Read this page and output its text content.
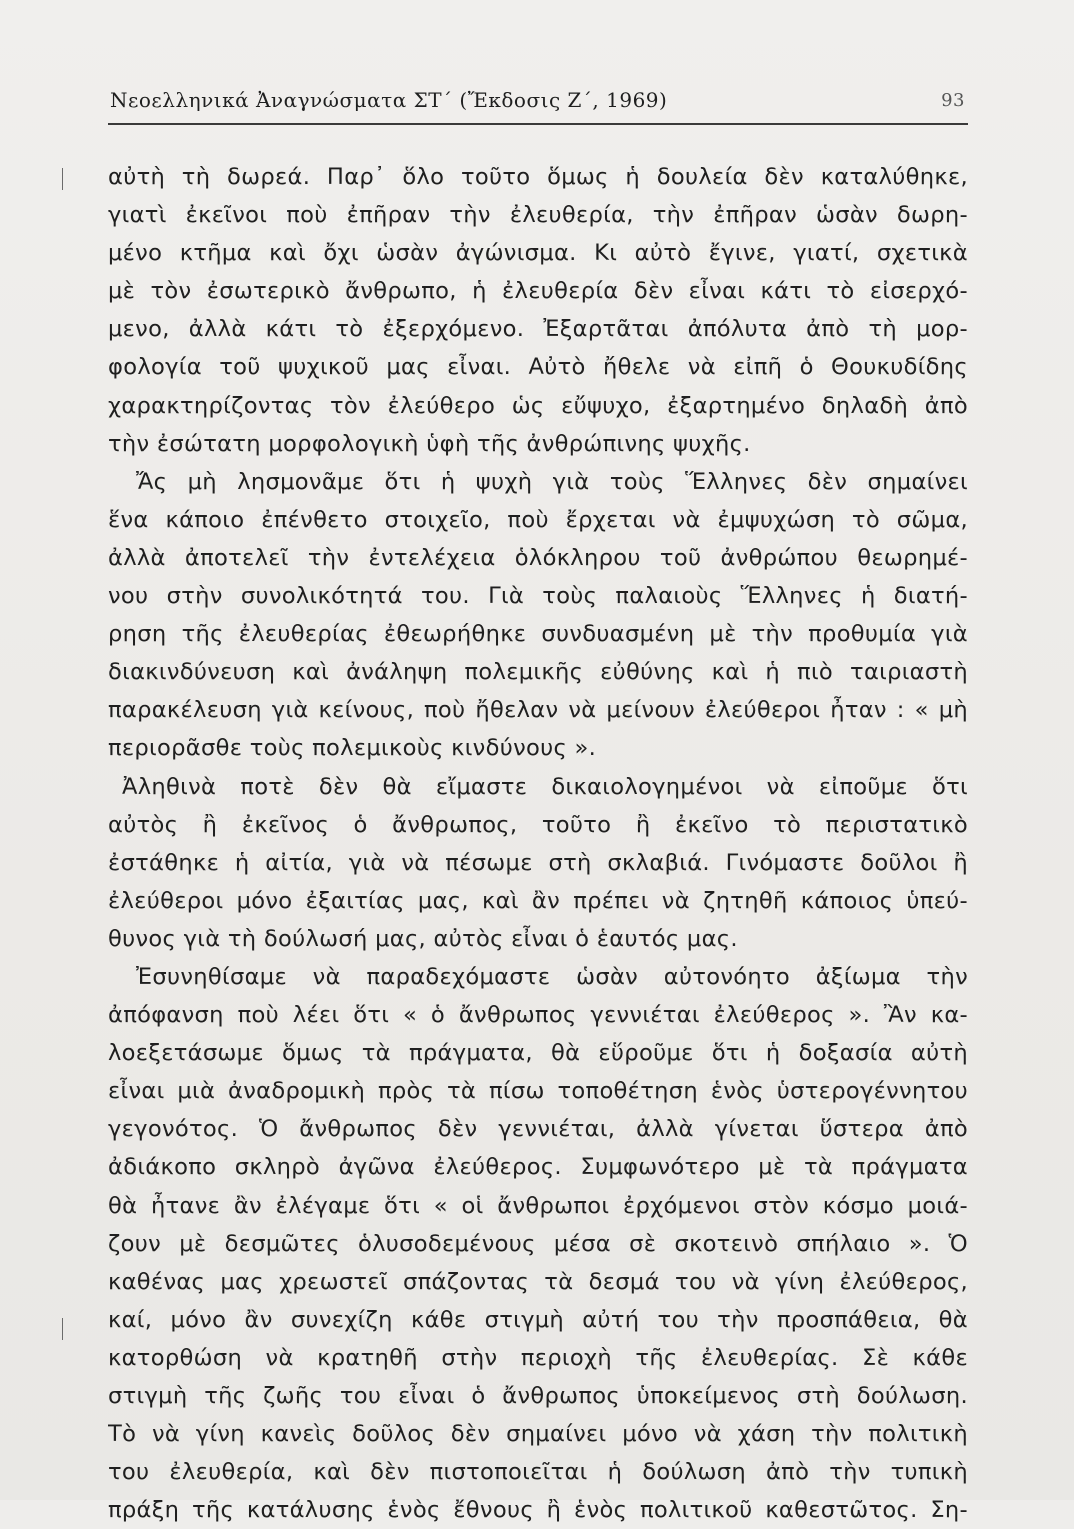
Νεοελληνικά Ἀναγνώσματα ΣΤ΄ (Ἔκδοσις Ζ΄, 1969)	93
αὐτὴ τὴ δωρεά. Παρ᾽ ὅλο τοῦτο ὅμως ἡ δουλεία δὲν καταλύθηκε,
γιατὶ ἐκεῖνοι ποὺ ἐπῆραν τὴν ἐλευθερία, τὴν ἐπῆραν ὡσὰν δωρη-
μένο κτῆμα καὶ ὄχι ὡσὰν ἀγώνισμα. Κι αὐτὸ ἔγινε, γιατί, σχετικὰ
μὲ τὸν ἐσωτερικὸ ἄνθρωπο, ἡ ἐλευθερία δὲν εἶναι κάτι τὸ εἰσερχό-
μενο, ἀλλὰ κάτι τὸ ἐξερχόμενο. Ἐξαρτᾶται ἀπόλυτα ἀπὸ τὴ μορ-
φολογία τοῦ ψυχικοῦ μας εἶναι. Αὐτὸ ἤθελε νὰ εἰπῆ ὁ Θουκυδίδης
χαρακτηρίζοντας τὸν ἐλεύθερο ὡς εὔψυχο, ἐξαρτημένο δηλαδὴ ἀπὸ
τὴν ἐσώτατη μορφολογικὴ ὑφὴ τῆς ἀνθρώπινης ψυχῆς.
Ἄς μὴ λησμονᾶμε ὅτι ἡ ψυχὴ γιὰ τοὺς Ἕλληνες δὲν σημαίνει
ἕνα κάποιο ἐπένθετο στοιχεῖο, ποὺ ἔρχεται νὰ ἐμψυχώση τὸ σῶμα,
ἀλλὰ ἀποτελεῖ τὴν ἐντελέχεια ὁλόκληρου τοῦ ἀνθρώπου θεωρημέ-
νου στὴν συνολικότητά του. Γιὰ τοὺς παλαιοὺς Ἕλληνες ἡ διατή-
ρηση τῆς ἐλευθερίας ἐθεωρήθηκε συνδυασμένη μὲ τὴν προθυμία γιὰ
διακινδύνευση καὶ ἀνάληψη πολεμικῆς εὐθύνης καὶ ἡ πιὸ ταιριαστὴ
παρακέλευση γιὰ κείνους, ποὺ ἤθελαν νὰ μείνουν ἐλεύθεροι ἦταν : « μὴ
περιορᾶσθε τοὺς πολεμικοὺς κινδύνους ».
Ἀληθινὰ ποτὲ δὲν θὰ εἴμαστε δικαιολογημένοι νὰ εἰποῦμε ὅτι
αὐτὸς ἢ ἐκεῖνος ὁ ἄνθρωπος, τοῦτο ἢ ἐκεῖνο τὸ περιστατικὸ
ἐστάθηκε ἡ αἰτία, γιὰ νὰ πέσωμε στὴ σκλαβιά. Γινόμαστε δοῦλοι ἢ
ἐλεύθεροι μόνο ἐξαιτίας μας, καὶ ἂν πρέπει νὰ ζητηθῆ κάποιος ὑπεύ-
θυνος γιὰ τὴ δούλωσή μας, αὐτὸς εἶναι ὁ ἑαυτός μας.
Ἐσυνηθίσαμε νὰ παραδεχόμαστε ὡσὰν αὐτονόητο ἀξίωμα τὴν
ἀπόφανση ποὺ λέει ὅτι « ὁ ἄνθρωπος γεννιέται ἐλεύθερος ». Ἂν κα-
λοεξετάσωμε ὅμως τὰ πράγματα, θὰ εὕροῦμε ὅτι ἡ δοξασία αὐτὴ
εἶναι μιὰ ἀναδρομικὴ πρὸς τὰ πίσω τοποθέτηση ἑνὸς ὑστερογέννητου
γεγονότος. Ὁ ἄνθρωπος δὲν γεννιέται, ἀλλὰ γίνεται ὕστερα ἀπὸ
ἀδιάκοπο σκληρὸ ἀγῶνα ἐλεύθερος. Συμφωνότερο μὲ τὰ πράγματα
θὰ ἦτανε ἂν ἐλέγαμε ὅτι « οἱ ἄνθρωποι ἐρχόμενοι στὸν κόσμο μοιά-
ζουν μὲ δεσμῶτες ὁλυσοδεμένους μέσα σὲ σκοτεινὸ σπήλαιο ». Ὁ
καθένας μας χρεωστεῖ σπάζοντας τὰ δεσμά του νὰ γίνη ἐλεύθερος,
καί, μόνο ἂν συνεχίζη κάθε στιγμὴ αὐτή του τὴν προσπάθεια, θὰ
κατορθώση νὰ κρατηθῆ στὴν περιοχὴ τῆς ἐλευθερίας. Σὲ κάθε
στιγμὴ τῆς ζωῆς του εἶναι ὁ ἄνθρωπος ὑποκείμενος στὴ δούλωση.
Τὸ νὰ γίνη κανεὶς δοῦλος δὲν σημαίνει μόνο νὰ χάση τὴν πολιτικὴ
του ἐλευθερία, καὶ δὲν πιστοποιεῖται ἡ δούλωση ἀπὸ τὴν τυπικὴ
πράξη τῆς κατάλυσης ἑνὸς ἔθνους ἢ ἑνὸς πολιτικοῦ καθεστῶτος. Ση-
